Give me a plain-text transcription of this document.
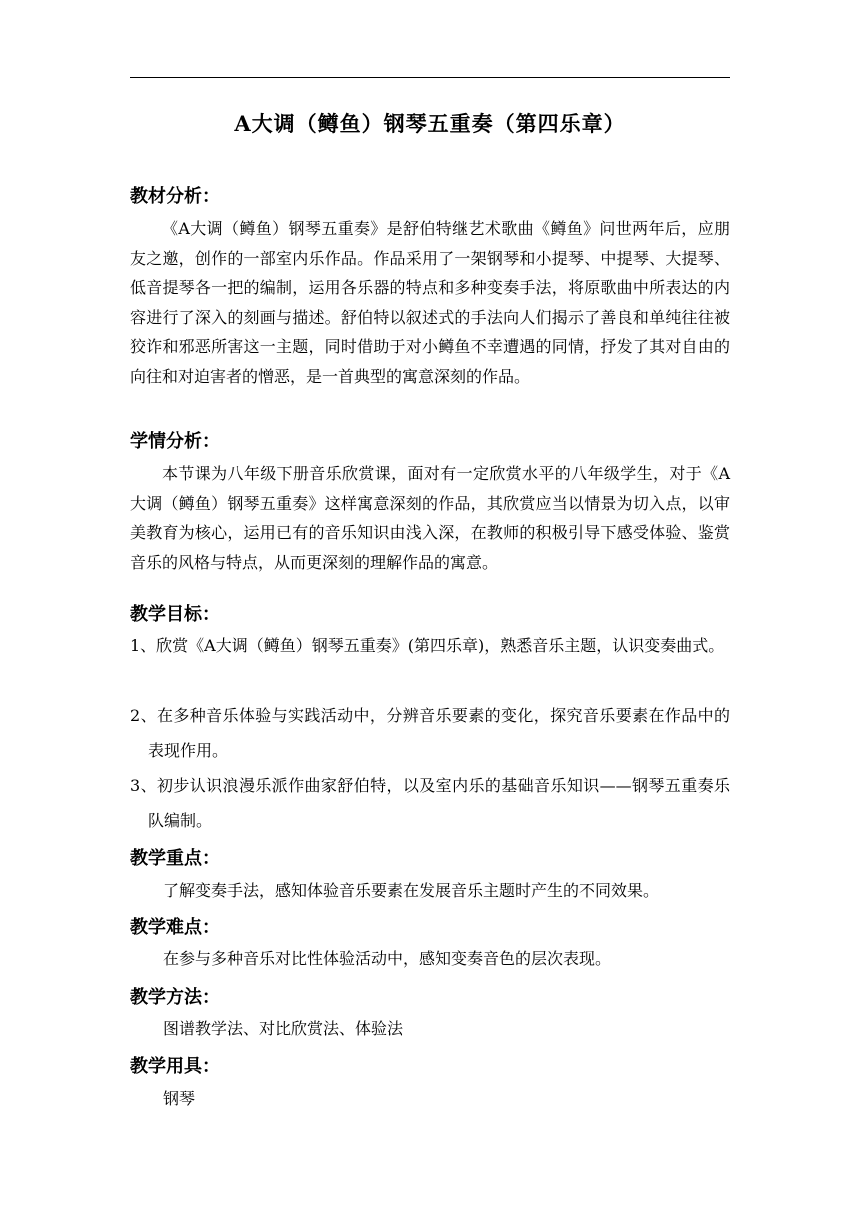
A大调（鳟鱼）钢琴五重奏（第四乐章）
教材分析：
《A大调（鳟鱼）钢琴五重奏》是舒伯特继艺术歌曲《鳟鱼》问世两年后，应朋友之邀，创作的一部室内乐作品。作品采用了一架钢琴和小提琴、中提琴、大提琴、低音提琴各一把的编制，运用各乐器的特点和多种变奏手法，将原歌曲中所表达的内容进行了深入的刻画与描述。舒伯特以叙述式的手法向人们揭示了善良和单纯往往被狡诈和邪恶所害这一主题，同时借助于对小鳟鱼不幸遭遇的同情，抒发了其对自由的向往和对迫害者的憎恶，是一首典型的寓意深刻的作品。
学情分析：
本节课为八年级下册音乐欣赏课，面对有一定欣赏水平的八年级学生，对于《A大调（鳟鱼）钢琴五重奏》这样寓意深刻的作品，其欣赏应当以情景为切入点，以审美教育为核心，运用已有的音乐知识由浅入深，在教师的积极引导下感受体验、鉴赏音乐的风格与特点，从而更深刻的理解作品的寓意。
教学目标：
1、欣赏《A大调（鳟鱼）钢琴五重奏》(第四乐章)，熟悉音乐主题，认识变奏曲式。
2、在多种音乐体验与实践活动中，分辨音乐要素的变化，探究音乐要素在作品中的表现作用。
3、初步认识浪漫乐派作曲家舒伯特，以及室内乐的基础音乐知识——钢琴五重奏乐队编制。
教学重点：
了解变奏手法，感知体验音乐要素在发展音乐主题时产生的不同效果。
教学难点：
在参与多种音乐对比性体验活动中，感知变奏音色的层次表现。
教学方法：
图谱教学法、对比欣赏法、体验法
教学用具：
钢琴
